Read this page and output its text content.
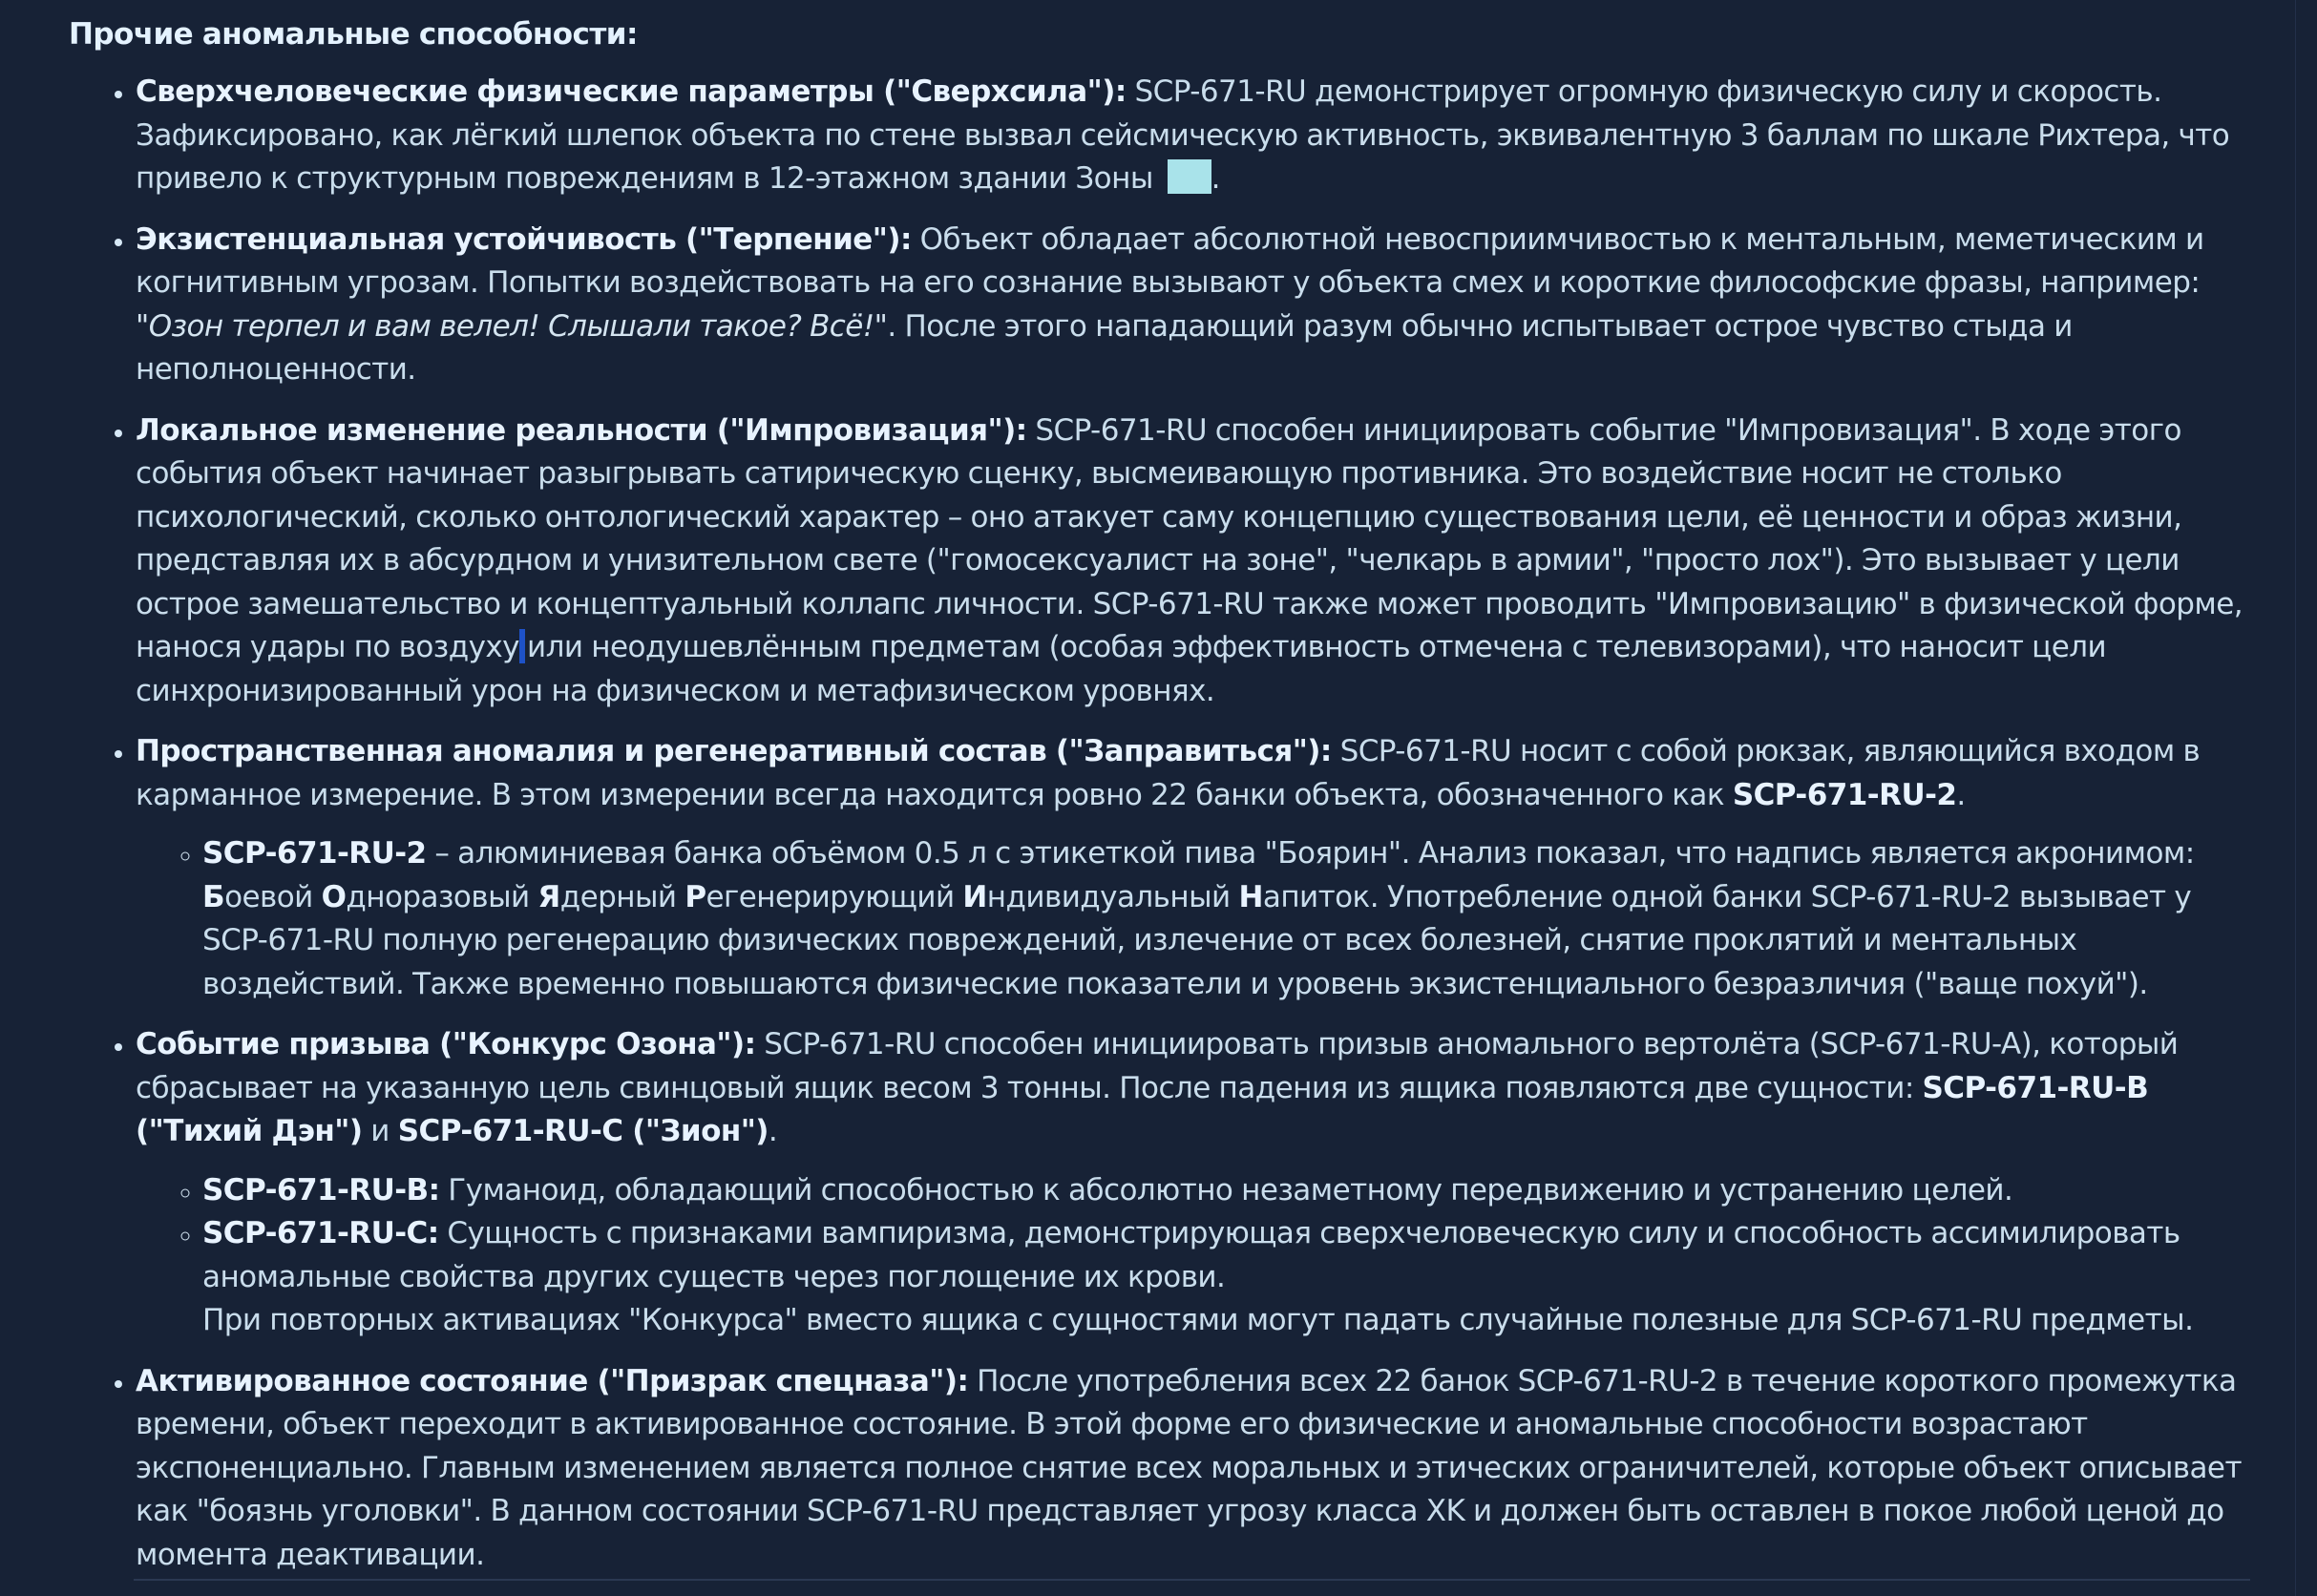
Прочие аномальные способности:
• Сверхчеловеческие физические параметры ("Сверхсила"): SCP-671-RU демонстрирует огромную физическую силу и скорость. Зафиксировано, как лёгкий шлепок объекта по стене вызвал сейсмическую активность, эквивалентную 3 баллам по шкале Рихтера, что привело к структурным повреждениям в 12-этажном здании Зоны .
• Экзистенциальная устойчивость ("Терпение"): Объект обладает абсолютной невосприимчивостью к ментальным, меметическим и когнитивным угрозам. Попытки воздействовать на его сознание вызывают у объекта смех и короткие философские фразы, например: "Озон терпел и вам велел! Слышали такое? Всё!". После этого нападающий разум обычно испытывает острое чувство стыда и неполноценности.
• Локальное изменение реальности ("Импровизация"): SCP-671-RU способен инициировать событие "Импровизация". В ходе этого события объект начинает разыгрывать сатирическую сценку, высмеивающую противника. Это воздействие носит не столько психологический, сколько онтологический характер – оно атакует саму концепцию существования цели, её ценности и образ жизни, представляя их в абсурдном и унизительном свете ("гомосексуалист на зоне", "челкарь в армии", "просто лох"). Это вызывает у цели острое замешательство и концептуальный коллапс личности. SCP-671-RU также может проводить "Импровизацию" в физической форме, нанося удары по воздуху или неодушевлённым предметам (особая эффективность отмечена с телевизорами), что наносит цели синхронизированный урон на физическом и метафизическом уровнях.
• Пространственная аномалия и регенеративный состав ("Заправиться"): SCP-671-RU носит с собой рюкзак, являющийся входом в карманное измерение. В этом измерении всегда находится ровно 22 банки объекта, обозначенного как SCP-671-RU-2.
◦ SCP-671-RU-2 – алюминиевая банка объёмом 0.5 л с этикеткой пива "Боярин". Анализ показал, что надпись является акронимом: Боевой Одноразовый Ядерный Регенерирующий Индивидуальный Напиток. Употребление одной банки SCP-671-RU-2 вызывает у SCP-671-RU полную регенерацию физических повреждений, излечение от всех болезней, снятие проклятий и ментальных воздействий. Также временно повышаются физические показатели и уровень экзистенциального безразличия ("ваще похуй").
• Событие призыва ("Конкурс Озона"): SCP-671-RU способен инициировать призыв аномального вертолёта (SCP-671-RU-A), который сбрасывает на указанную цель свинцовый ящик весом 3 тонны. После падения из ящика появляются две сущности: SCP-671-RU-B ("Тихий Дэн") и SCP-671-RU-C ("Зион").
◦ SCP-671-RU-B: Гуманоид, обладающий способностью к абсолютно незаметному передвижению и устранению целей.
◦ SCP-671-RU-C: Сущность с признаками вампиризма, демонстрирующая сверхчеловеческую силу и способность ассимилировать аномальные свойства других существ через поглощение их крови.
При повторных активациях "Конкурса" вместо ящика с сущностями могут падать случайные полезные для SCP-671-RU предметы.
• Активированное состояние ("Призрак спецназа"): После употребления всех 22 банок SCP-671-RU-2 в течение короткого промежутка времени, объект переходит в активированное состояние. В этой форме его физические и аномальные способности возрастают экспоненциально. Главным изменением является полное снятие всех моральных и этических ограничителей, которые объект описывает как "боязнь уголовки". В данном состоянии SCP-671-RU представляет угрозу класса XK и должен быть оставлен в покое любой ценой до момента деактивации.
